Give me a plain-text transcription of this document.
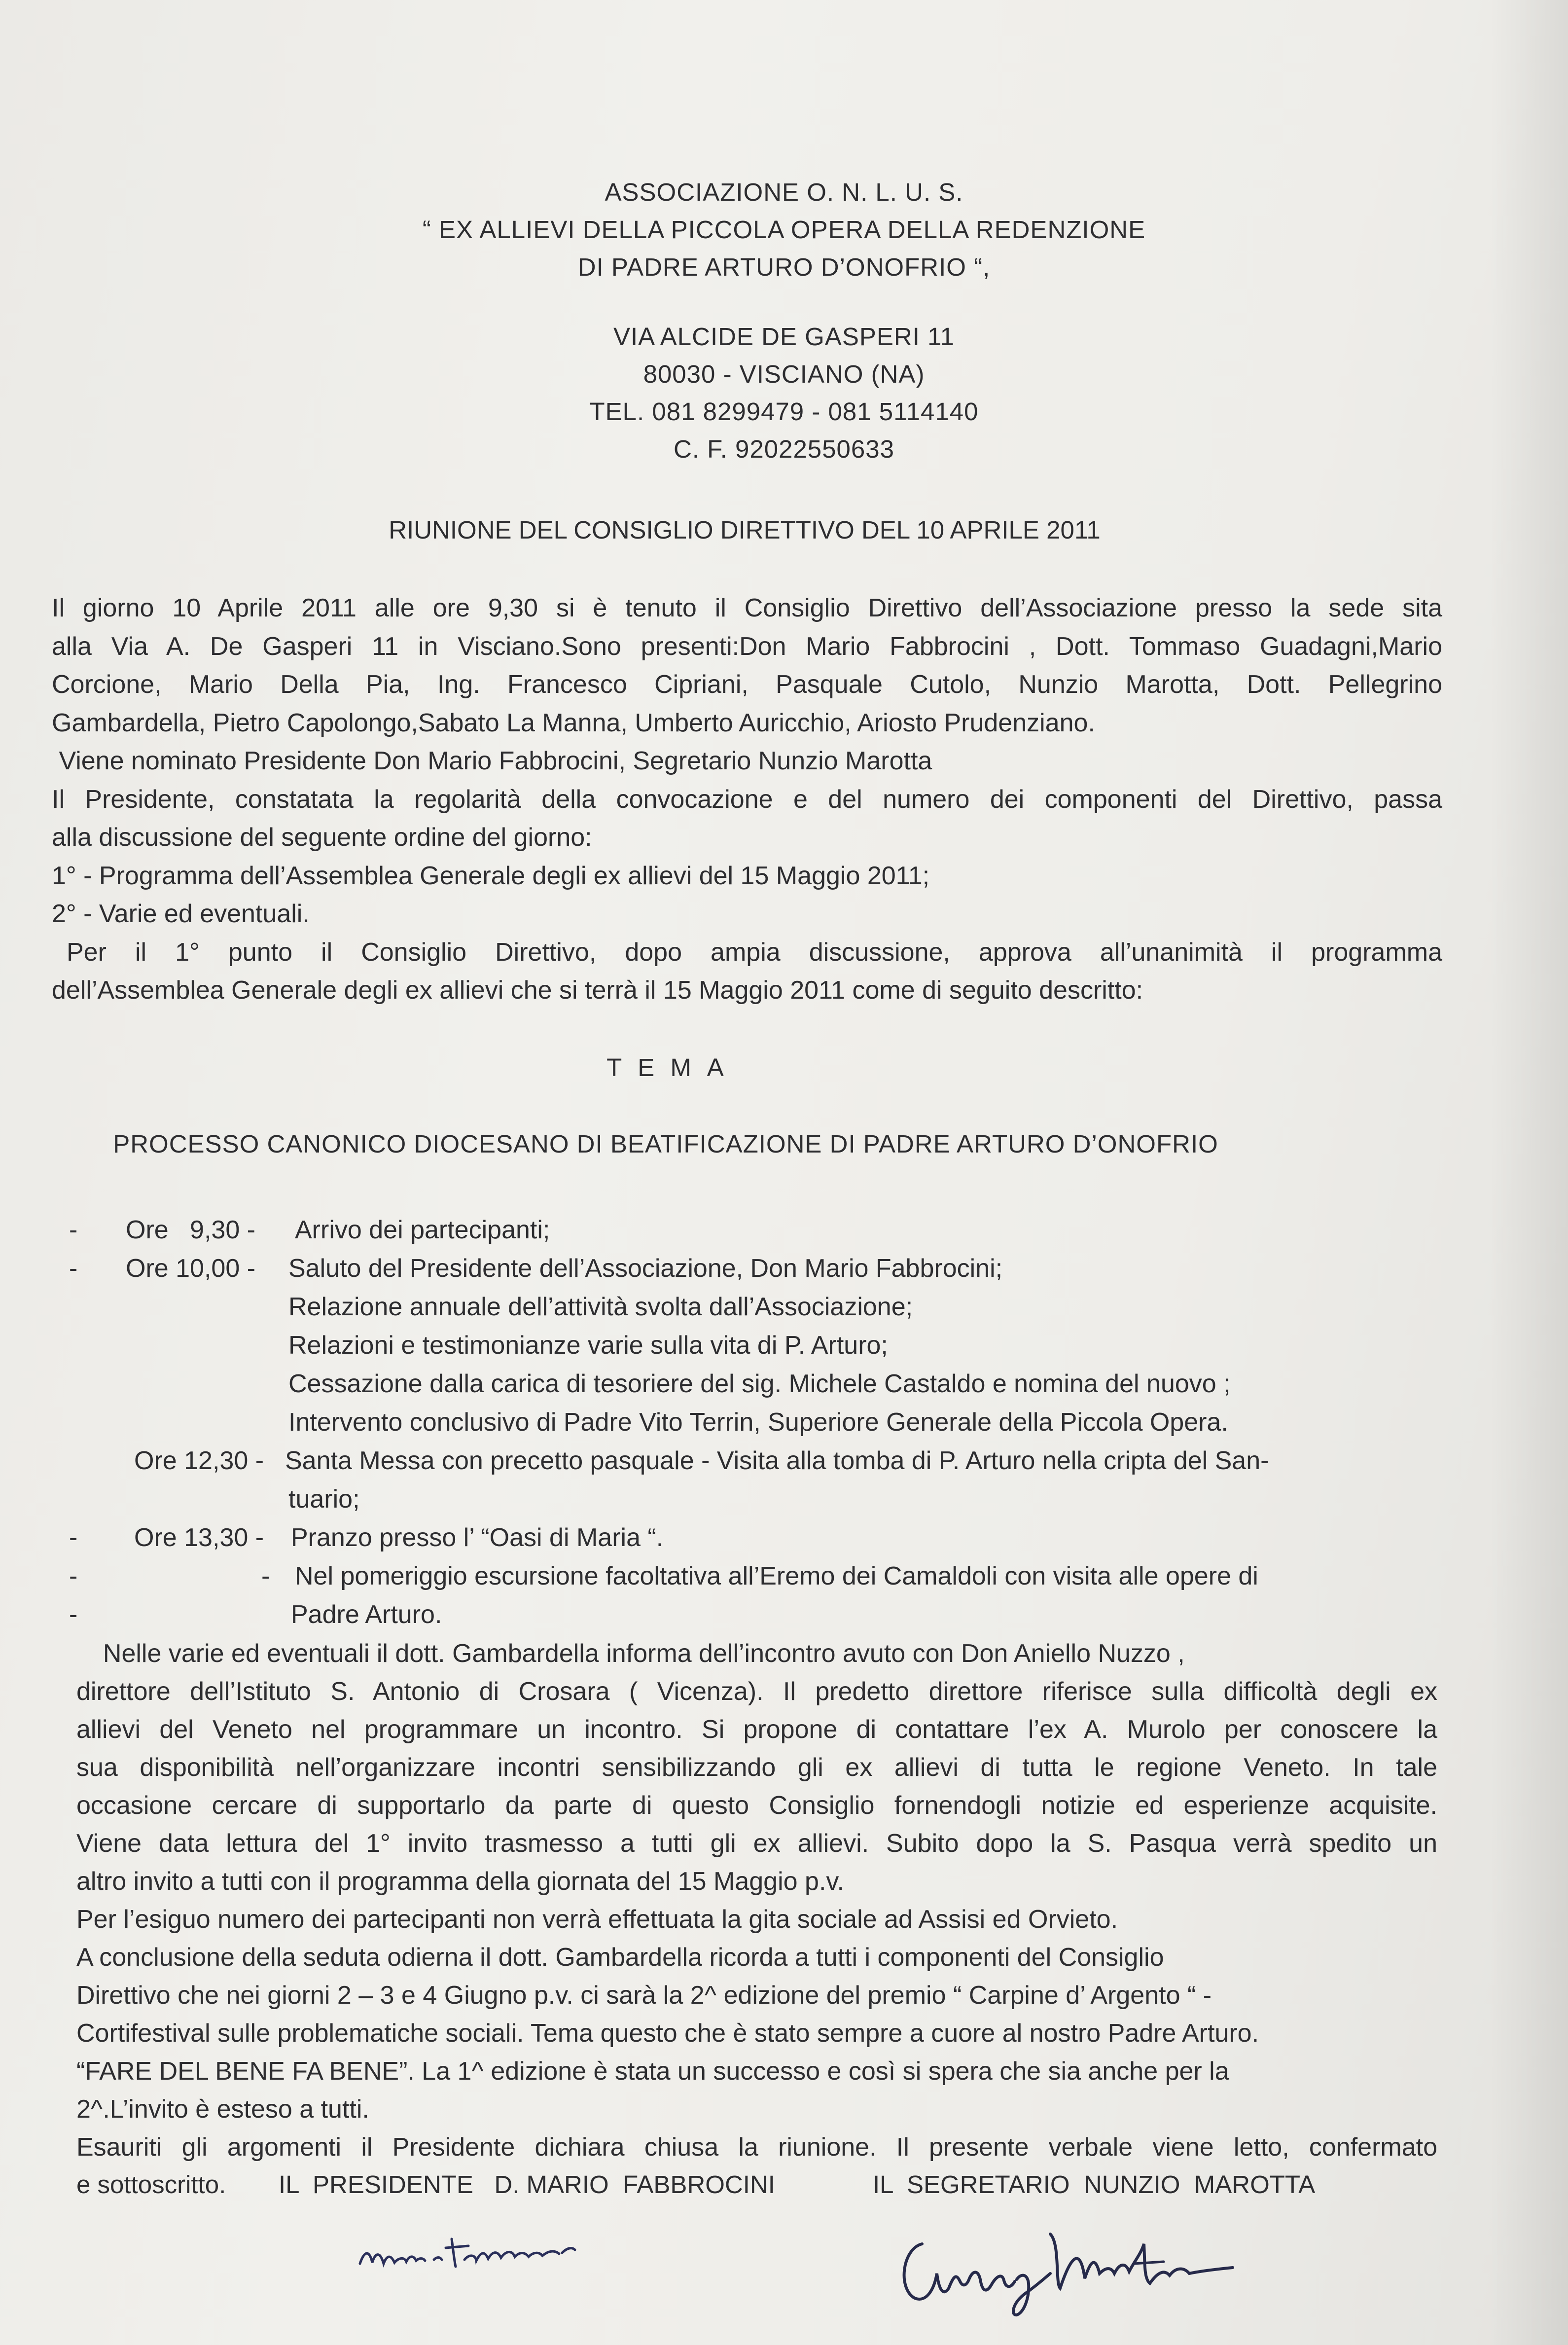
ASSOCIAZIONE O. N. L. U. S.
“ EX ALLIEVI DELLA PICCOLA OPERA DELLA REDENZIONE
DI PADRE ARTURO D’ONOFRIO “,
VIA ALCIDE DE GASPERI 11
80030 - VISCIANO (NA)
TEL. 081 8299479 - 081 5114140
C. F. 92022550633
RIUNIONE DEL CONSIGLIO DIRETTIVO DEL 10 APRILE 2011
Il giorno 10 Aprile 2011 alle ore 9,30 si è tenuto il Consiglio Direttivo dell’Associazione presso la sede sita
alla Via A. De Gasperi 11 in Visciano.Sono presenti:Don Mario Fabbrocini , Dott. Tommaso Guadagni,Mario
Corcione, Mario Della Pia, Ing. Francesco Cipriani, Pasquale Cutolo, Nunzio Marotta, Dott. Pellegrino
Gambardella, Pietro Capolongo,Sabato La Manna, Umberto Auricchio, Ariosto Prudenziano.
Viene nominato Presidente Don Mario Fabbrocini, Segretario Nunzio Marotta
Il Presidente, constatata la regolarità della convocazione e del numero dei componenti del Direttivo, passa
alla discussione del seguente ordine del giorno:
1° - Programma dell’Assemblea Generale degli ex allievi del 15 Maggio 2011;
2° - Varie ed eventuali.
Per il 1° punto il Consiglio Direttivo, dopo ampia discussione, approva all’unanimità il programma
dell’Assemblea Generale degli ex allievi che si terrà il 15 Maggio 2011 come di seguito descritto:
TEMA
PROCESSO CANONICO DIOCESANO DI BEATIFICAZIONE DI PADRE ARTURO D’ONOFRIO
-
-
-
-
-
Ore   9,30 - Arrivo dei partecipanti;
Ore 10,00 - Saluto del Presidente dell’Associazione, Don Mario Fabbrocini;
Relazione annuale dell’attività svolta dall’Associazione;
Relazioni e testimonianze varie sulla vita di P. Arturo;
Cessazione dalla carica di tesoriere del sig. Michele Castaldo e nomina del nuovo ;
Intervento conclusivo di Padre Vito Terrin, Superiore Generale della Piccola Opera.
Ore 12,30 - Santa Messa con precetto pasquale - Visita alla tomba di P. Arturo nella cripta del San-
tuario;
Ore 13,30 - Pranzo presso l’ “Oasi di Maria “.
- Nel pomeriggio escursione facoltativa all’Eremo dei Camaldoli con visita alle opere di
Padre Arturo.
Nelle varie ed eventuali il dott. Gambardella informa dell’incontro avuto con Don Aniello Nuzzo ,
direttore dell’Istituto S. Antonio di Crosara ( Vicenza). Il predetto direttore riferisce sulla difficoltà degli ex
allievi del Veneto nel programmare un incontro. Si propone di contattare l’ex A. Murolo per conoscere la
sua disponibilità nell’organizzare incontri sensibilizzando gli ex allievi di tutta le regione Veneto. In tale
occasione cercare di supportarlo da parte di questo Consiglio fornendogli notizie ed esperienze acquisite.
Viene data lettura del 1° invito trasmesso a tutti gli ex allievi. Subito dopo la S. Pasqua verrà spedito un
altro invito a tutti con il programma della giornata del 15 Maggio p.v.
Per l’esiguo numero dei partecipanti non verrà effettuata la gita sociale ad Assisi ed Orvieto.
A conclusione della seduta odierna il dott. Gambardella ricorda a tutti i componenti del Consiglio
Direttivo che nei giorni 2 – 3 e 4 Giugno p.v. ci sarà la 2^ edizione del premio “ Carpine d’ Argento “ -
Cortifestival sulle problematiche sociali. Tema questo che è stato sempre a cuore al nostro Padre Arturo.
“FARE DEL BENE FA BENE”. La 1^ edizione è stata un successo e così si spera che sia anche per la
2^.L’invito è esteso a tutti.
Esauriti gli argomenti il Presidente dichiara chiusa la riunione. Il presente verbale viene letto, confermato
e sottoscritto. IL  PRESIDENTE   D. MARIO  FABBROCINI	IL  SEGRETARIO  NUNZIO  MAROTTA
